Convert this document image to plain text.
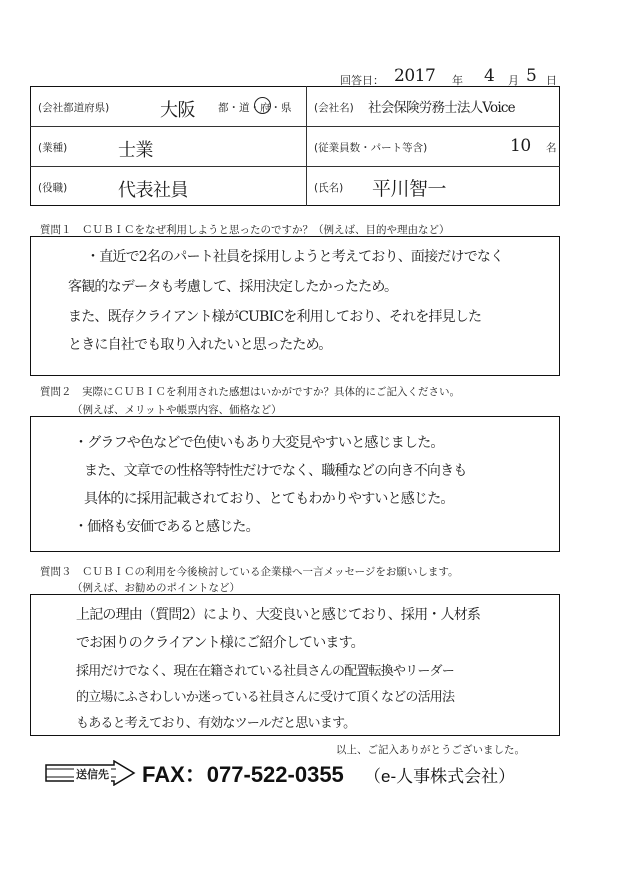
回答日： 2017 年 4 月 5 日
(会社都道府県)	大阪 都・道・府・県 (会社名) 社会保険労務士法人Voice
(業種)	士業	(従業員数・パート等含)	10 名
(役職)	代表社員	(氏名) 平川智一
質問１　ＣＵＢＩＣをなぜ利用しようと思ったのですか？（例えば、目的や理由など）
・直近で2名のパート社員を採用しようと考えており、面接だけでなく
客観的なデータも考慮して、採用決定したかったため。
また、既存クライアント様がCUBICを利用しており、それを拝見した
ときに自社でも取り入れたいと思ったため。
質問２　実際にＣＵＢＩＣを利用された感想はいかがですか？具体的にご記入ください。
（例えば、メリットや帳票内容、価格など）
・グラフや色などで色使いもあり大変見やすいと感じました。
また、文章での性格等特性だけでなく、職種などの向き不向きも
具体的に採用記載されており、とてもわかりやすいと感じた。
・価格も安価であると感じた。
質問３　ＣＵＢＩＣの利用を今後検討している企業様へ一言メッセージをお願いします。
（例えば、お勧めのポイントなど）
上記の理由（質問2）により、大変良いと感じており、採用・人材系
でお困りのクライアント様にご紹介しています。
採用だけでなく、現在在籍されている社員さんの配置転換やリーダー
的立場にふさわしいか迷っている社員さんに受けて頂くなどの活用法
もあると考えており、有効なツールだと思います。
以上、ご記入ありがとうございました。
送信先 FAX：077-522-0355 （e-人事株式会社）
